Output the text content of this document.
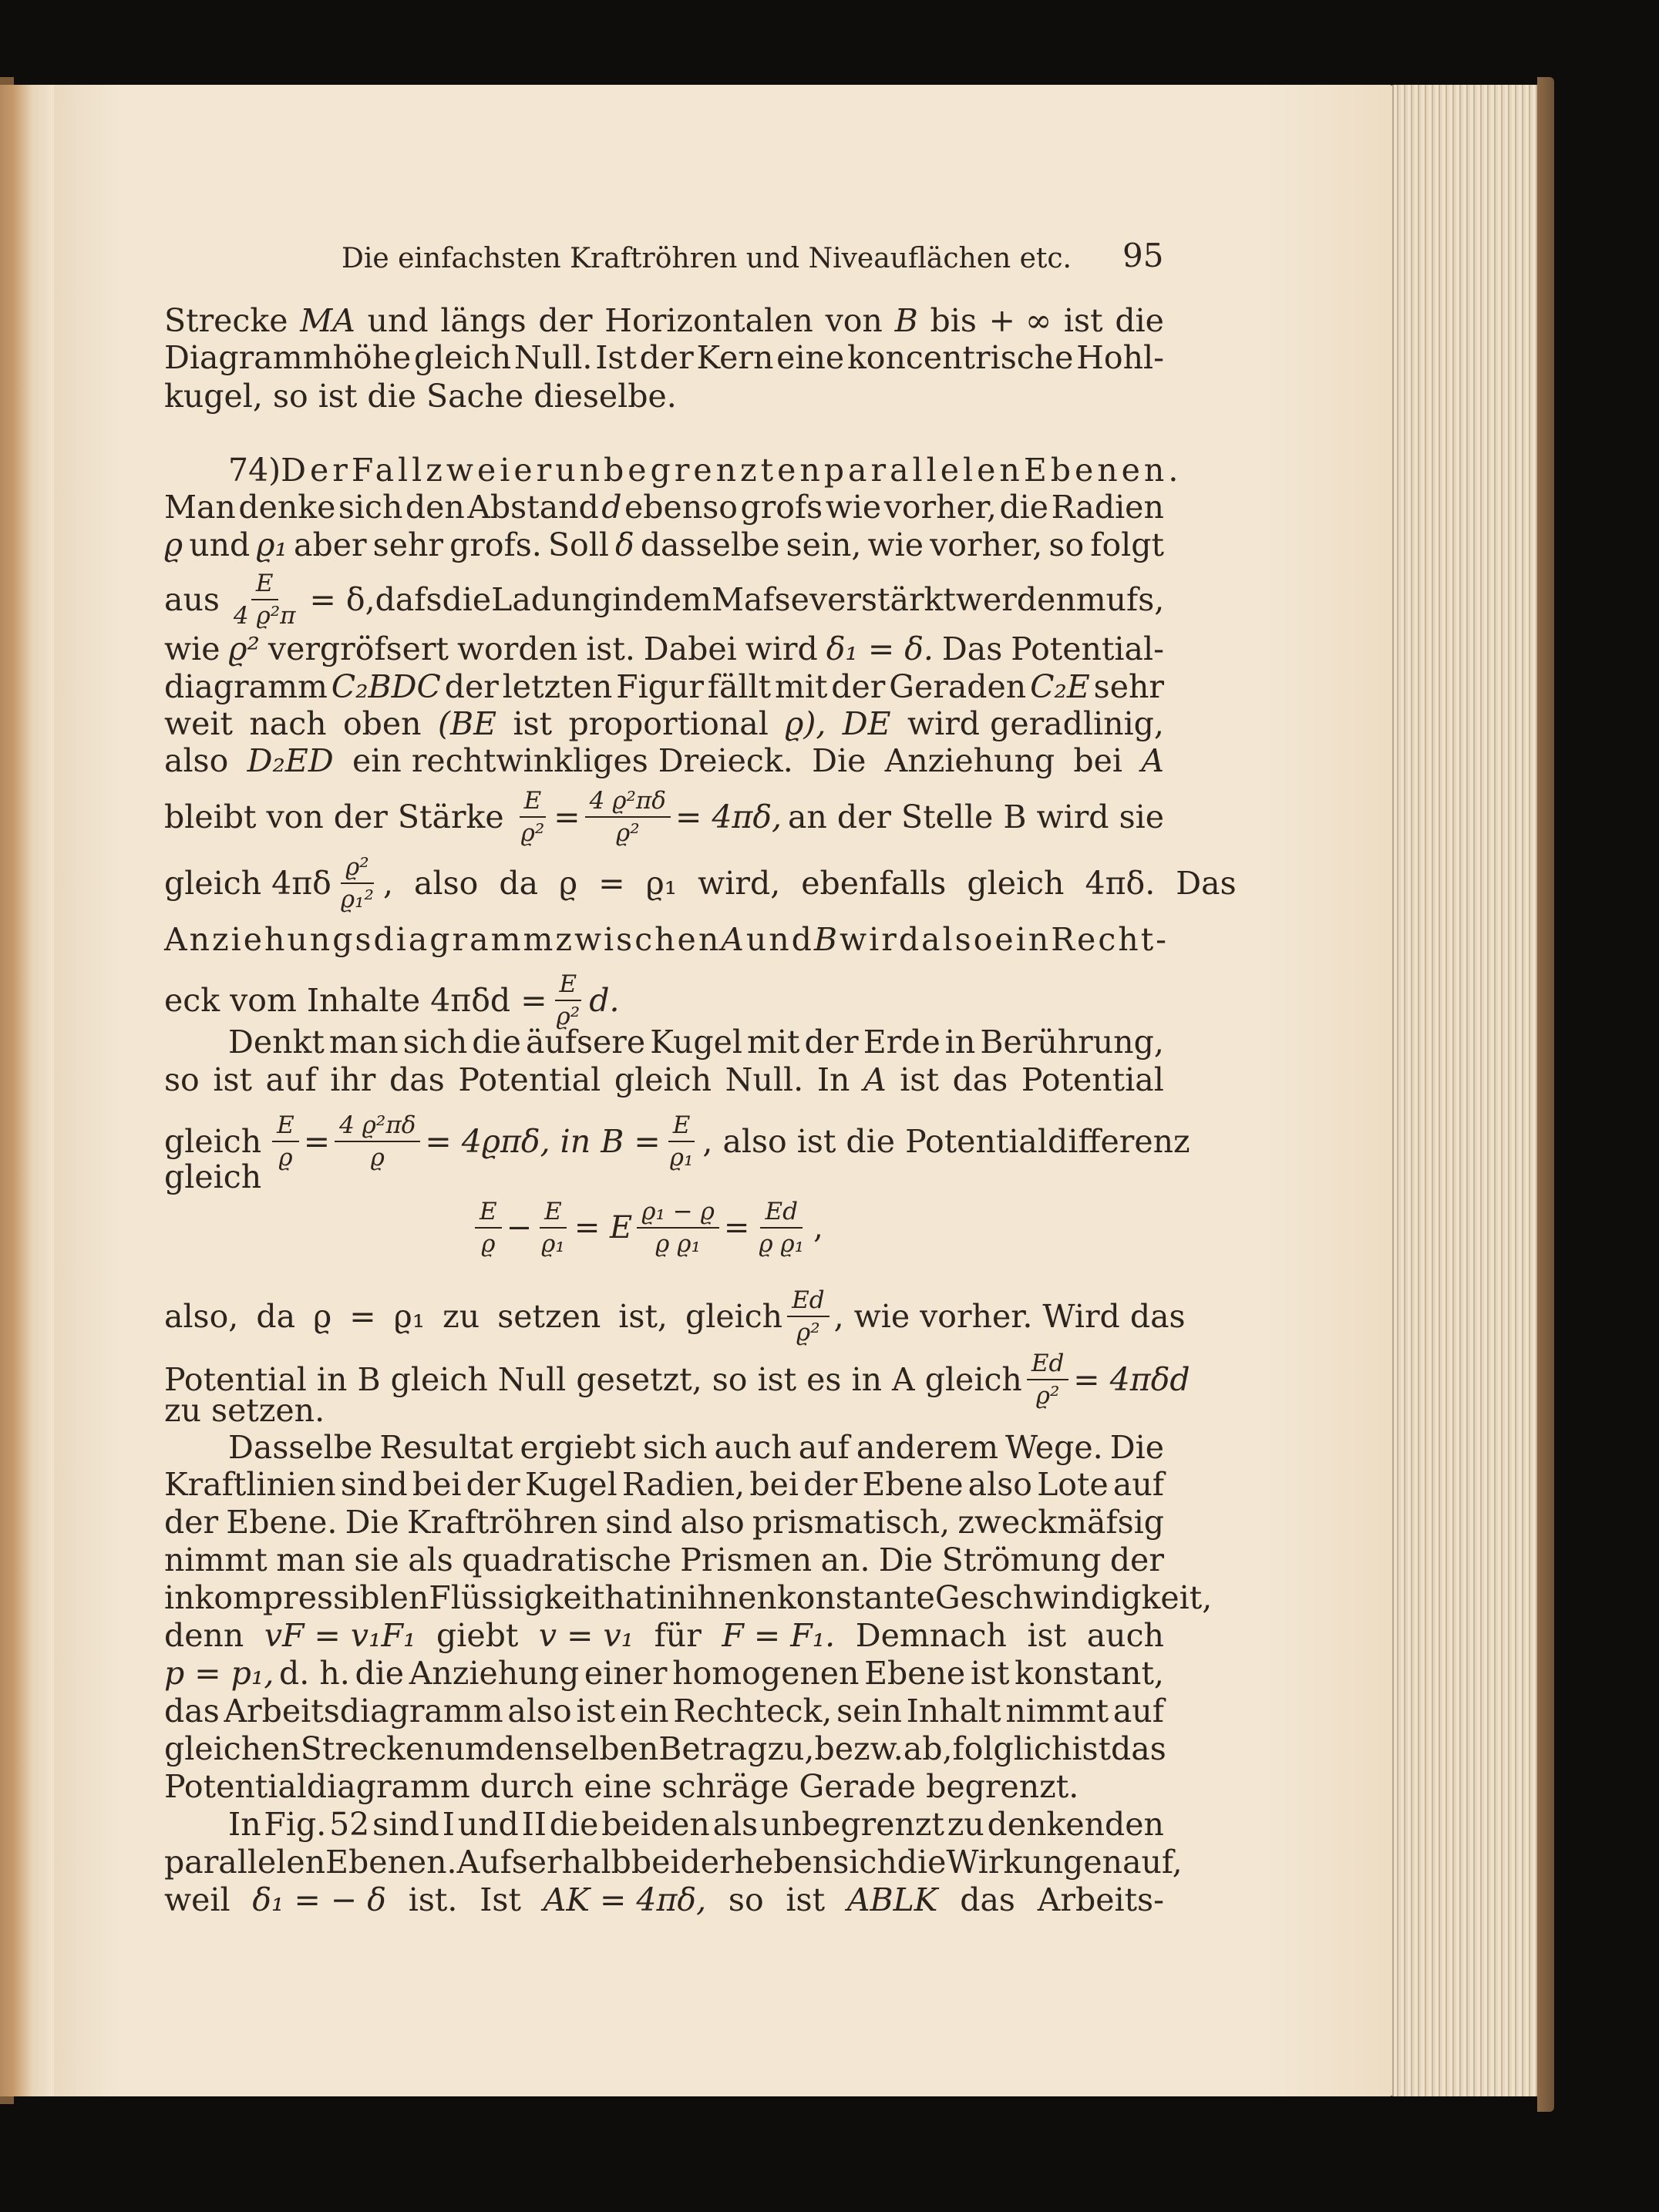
Die einfachsten Kraftröhren und Niveauflächen etc. 95
Strecke MA und längs der Horizontalen von B bis + ∞ ist die
Diagrammhöhe gleich Null. Ist der Kern eine koncentrische Hohl-
kugel, so ist die Sache dieselbe.
74) Der Fall zweier unbegrenzten parallelen Ebenen.
Man denke sich den Abstand d ebenso grofs wie vorher, die Radien
ϱ und ϱ₁ aber sehr grofs. Soll δ dasselbe sein, wie vorher, so folgt
aus $\frac{E}{\text{4 ϱ²π}} = \delta$, dafs die Ladung in dem Mafse verstärkt werden mufs,
wie ϱ² vergröfsert worden ist. Dabei wird δ₁ = δ. Das Potential-
diagramm C₂BDC der letzten Figur fällt mit der Geraden C₂E sehr
weit nach oben (BE ist proportional ϱ), DE wird geradlinig,
also D₂ED ein rechtwinkliges Dreieck. Die Anziehung bei A
bleibt von der Stärke $\frac{E}{\text{ϱ²}} = \frac{\text{4 ϱ²πδ}}{\text{ϱ²}} = 4\pi\delta$, an der Stelle B wird sie
gleich $4\pi\delta \frac{\text{ϱ²}}{\text{ϱ₁²}}$ , also da ϱ = ϱ₁ wird, ebenfalls gleich 4πδ. Das
Anziehungsdiagramm zwischen A und B wird also ein Recht-
eck vom Inhalte $4\pi\delta d = \frac{E}{\text{ϱ²}} d$.
Denkt man sich die äufsere Kugel mit der Erde in Berührung,
so ist auf ihr das Potential gleich Null. In A ist das Potential
gleich $\frac{E}{ϱ} = \frac{\text{4 ϱ²πδ}}{ϱ} = 4ϱ\pi\delta$, in $B = \frac{E}{\text{ϱ₁}}$ , also ist die Potentialdifferenz
gleich
$\frac{E}{ϱ} - \frac{E}{\text{ϱ₁}} = E \frac{\text{ϱ₁ − ϱ}}{\text{ϱ ϱ₁}} = \frac{Ed}{\text{ϱ ϱ₁}}$ ,
also, da ϱ = ϱ₁ zu setzen ist, gleich $\frac{Ed}{\text{ϱ²}}$ , wie vorher. Wird das
Potential in B gleich Null gesetzt, so ist es in A gleich $\frac{Ed}{\text{ϱ²}} = 4\pi\delta d$
zu setzen.
Dasselbe Resultat ergiebt sich auch auf anderem Wege. Die
Kraftlinien sind bei der Kugel Radien, bei der Ebene also Lote auf
der Ebene. Die Kraftröhren sind also prismatisch, zweckmäfsig
nimmt man sie als quadratische Prismen an. Die Strömung der
inkompressiblen Flüssigkeit hat in ihnen konstante Geschwindigkeit,
denn vF = v₁F₁ giebt v = v₁ für F = F₁. Demnach ist auch
p = p₁, d. h. die Anziehung einer homogenen Ebene ist konstant,
das Arbeitsdiagramm also ist ein Rechteck, sein Inhalt nimmt auf
gleichen Strecken um denselben Betrag zu, bezw. ab, folglich ist das
Potentialdiagramm durch eine schräge Gerade begrenzt.
In Fig. 52 sind I und II die beiden als unbegrenzt zu denkenden
parallelen Ebenen. Aufserhalb beider heben sich die Wirkungen auf,
weil δ₁ = − δ ist. Ist AK = 4πδ, so ist ABLK das Arbeits-
